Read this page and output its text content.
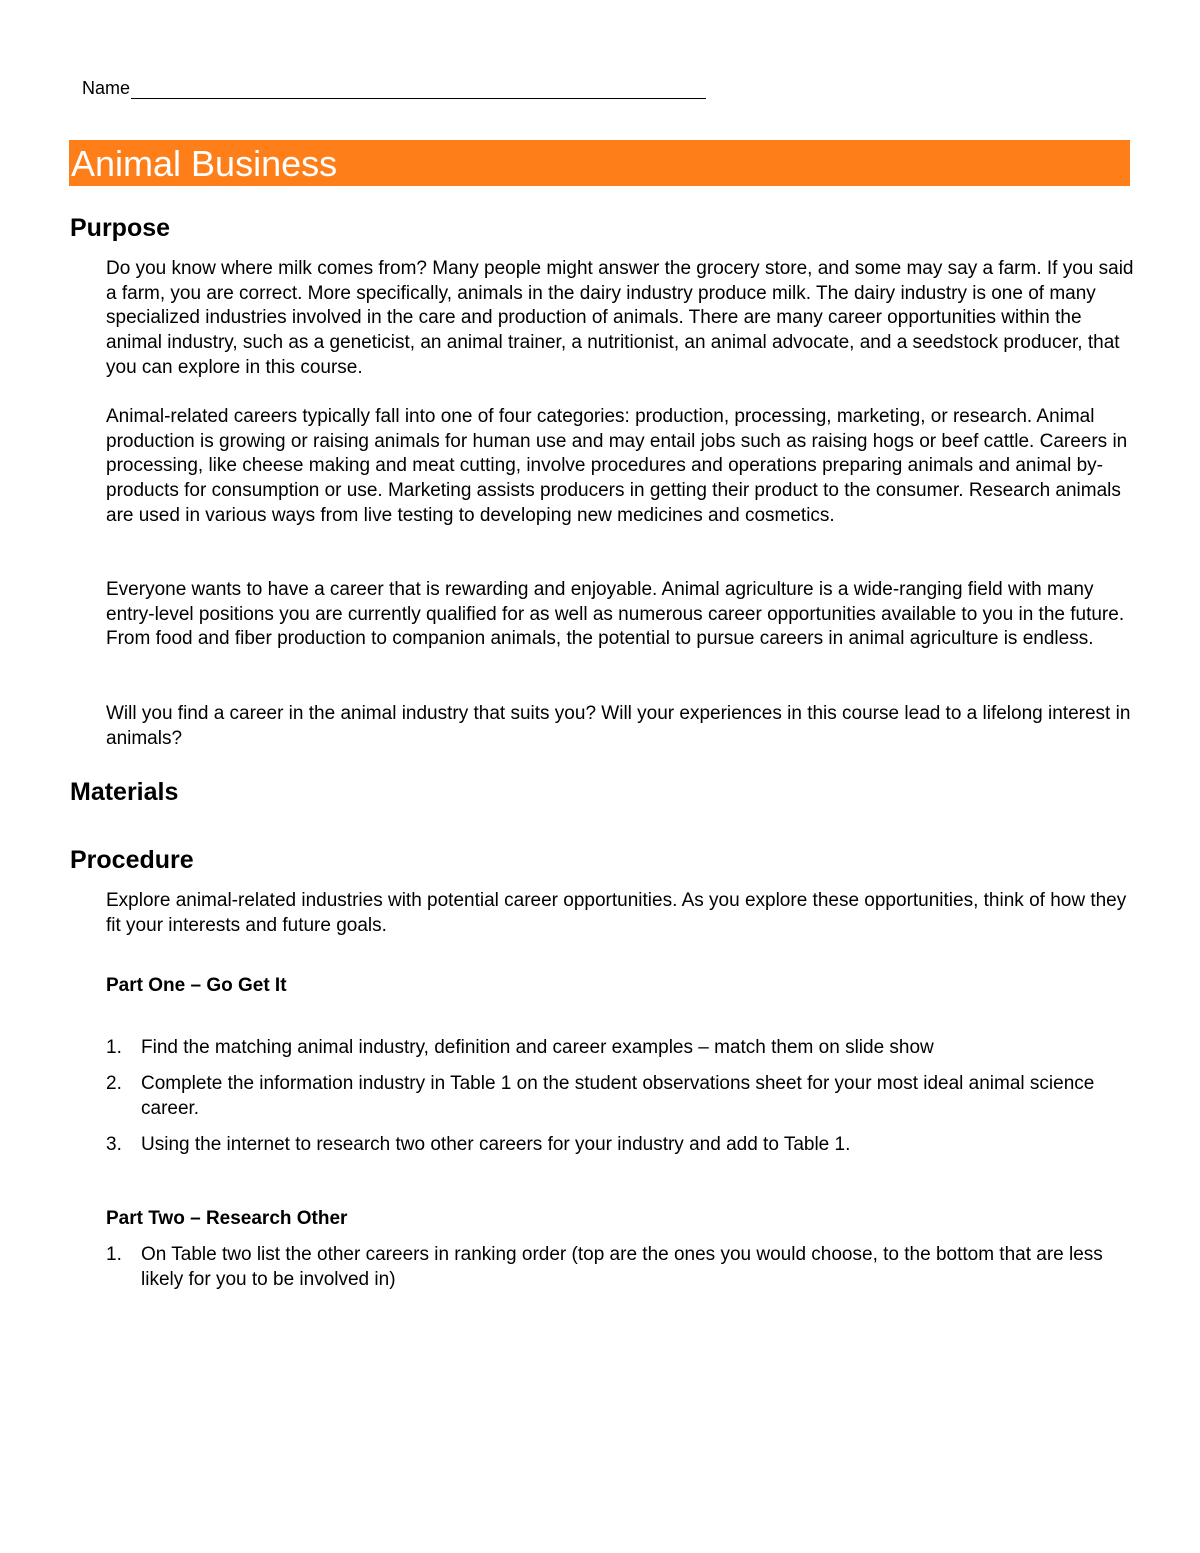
Name
Animal Business
Purpose

Do you know where milk comes from? Many people might answer the grocery store, and some may say a farm. If you said a farm, you are correct. More specifically, animals in the dairy industry produce milk. The dairy industry is one of many specialized industries involved in the care and production of animals. There are many career opportunities within the animal industry, such as a geneticist, an animal trainer, a nutritionist, an animal advocate, and a seedstock producer, that you can explore in this course.

Animal-related careers typically fall into one of four categories: production, processing, marketing, or research. Animal production is growing or raising animals for human use and may entail jobs such as raising hogs or beef cattle. Careers in processing, like cheese making and meat cutting, involve procedures and operations preparing animals and animal by-products for consumption or use. Marketing assists producers in getting their product to the consumer. Research animals are used in various ways from live testing to developing new medicines and cosmetics.

Everyone wants to have a career that is rewarding and enjoyable. Animal agriculture is a wide-ranging field with many entry-level positions you are currently qualified for as well as numerous career opportunities available to you in the future. From food and fiber production to companion animals, the potential to pursue careers in animal agriculture is endless.

Will you find a career in the animal industry that suits you? Will your experiences in this course lead to a lifelong interest in animals?

Materials
Procedure

Explore animal-related industries with potential career opportunities. As you explore these opportunities, think of how they fit your interests and future goals.

Part One – Go Get It
1.	Find the matching animal industry, definition and career examples – match them on slide show
2.	Complete the information industry in Table 1 on the student observations sheet for your most ideal animal science career.
3.	Using the internet to research two other careers for your industry and add to Table 1.
Part Two – Research Other
1.	On Table two list the other careers in ranking order (top are the ones you would choose, to the bottom that are less likely for you to be involved in)
